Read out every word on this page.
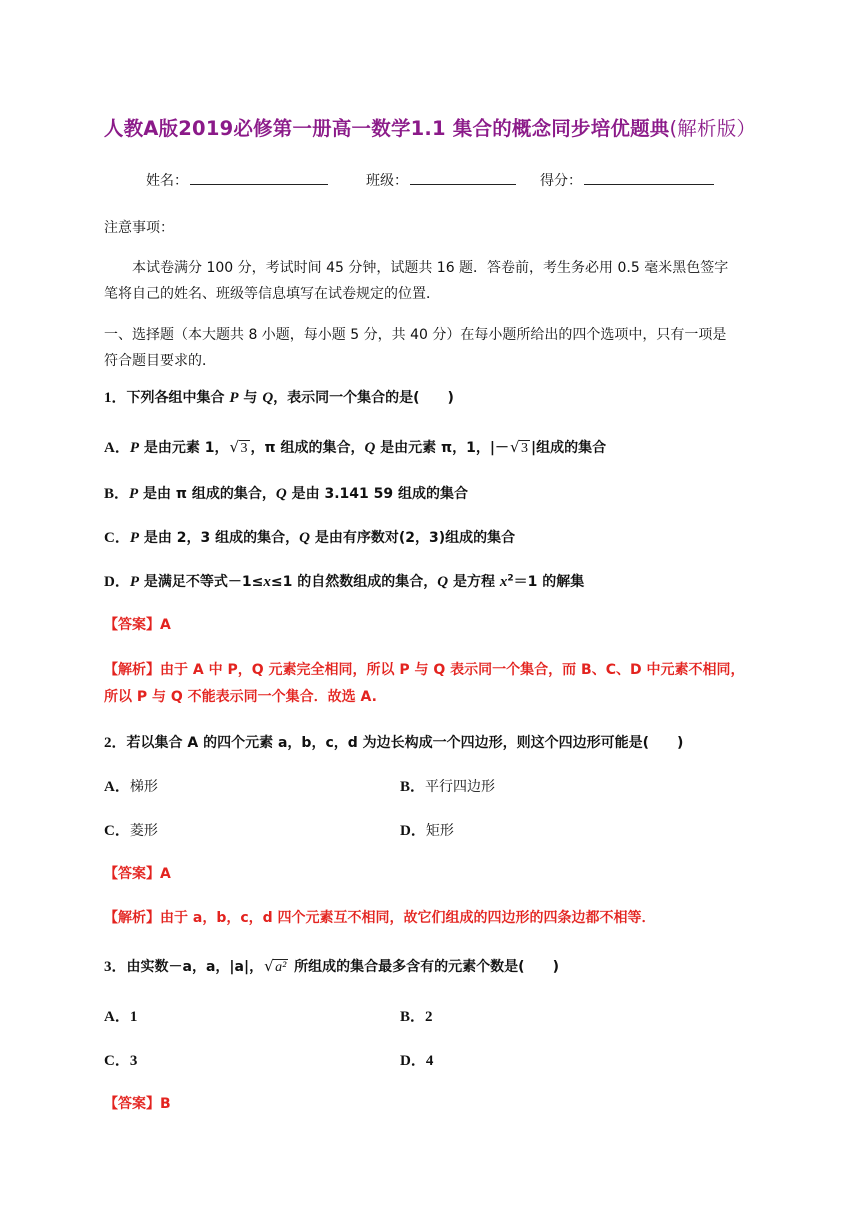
人教A版2019必修第一册高一数学1.1 集合的概念同步培优题典(解析版）
姓名：	班级：	得分：
注意事项：
本试卷满分 100 分，考试时间 45 分钟，试题共 16 题．答卷前，考生务必用 0.5 毫米黑色签字
笔将自己的姓名、班级等信息填写在试卷规定的位置．
一、选择题（本大题共 8 小题，每小题 5 分，共 40 分）在每小题所给出的四个选项中，只有一项是
符合题目要求的．
1．下列各组中集合 P 与 Q，表示同一个集合的是(　　)
A．P 是由元素 1， √ 3 ，π 组成的集合，Q 是由元素 π，1，|－ √ 3 |组成的集合
B．P 是由 π 组成的集合，Q 是由 3.141 59 组成的集合
C．P 是由 2，3 组成的集合，Q 是由有序数对(2，3)组成的集合
D．P 是满足不等式－1≤x≤1 的自然数组成的集合，Q 是方程 $x^2=1$ 的解集
【答案】A
【解析】由于 A 中 P，Q 元素完全相同，所以 P 与 Q 表示同一个集合，而 B、C、D 中元素不相同，
所以 P 与 Q 不能表示同一个集合．故选 A.
2．若以集合 A 的四个元素 a，b，c，d 为边长构成一个四边形，则这个四边形可能是(　　)
A．梯形	B．平行四边形
C．菱形	D．矩形
【答案】A
【解析】由于 a，b，c，d 四个元素互不相同，故它们组成的四边形的四条边都不相等．
3．由实数－a，a，|a|， √ a² 所组成的集合最多含有的元素个数是(　　)
A．1	B．2
C．3	D．4
【答案】B
